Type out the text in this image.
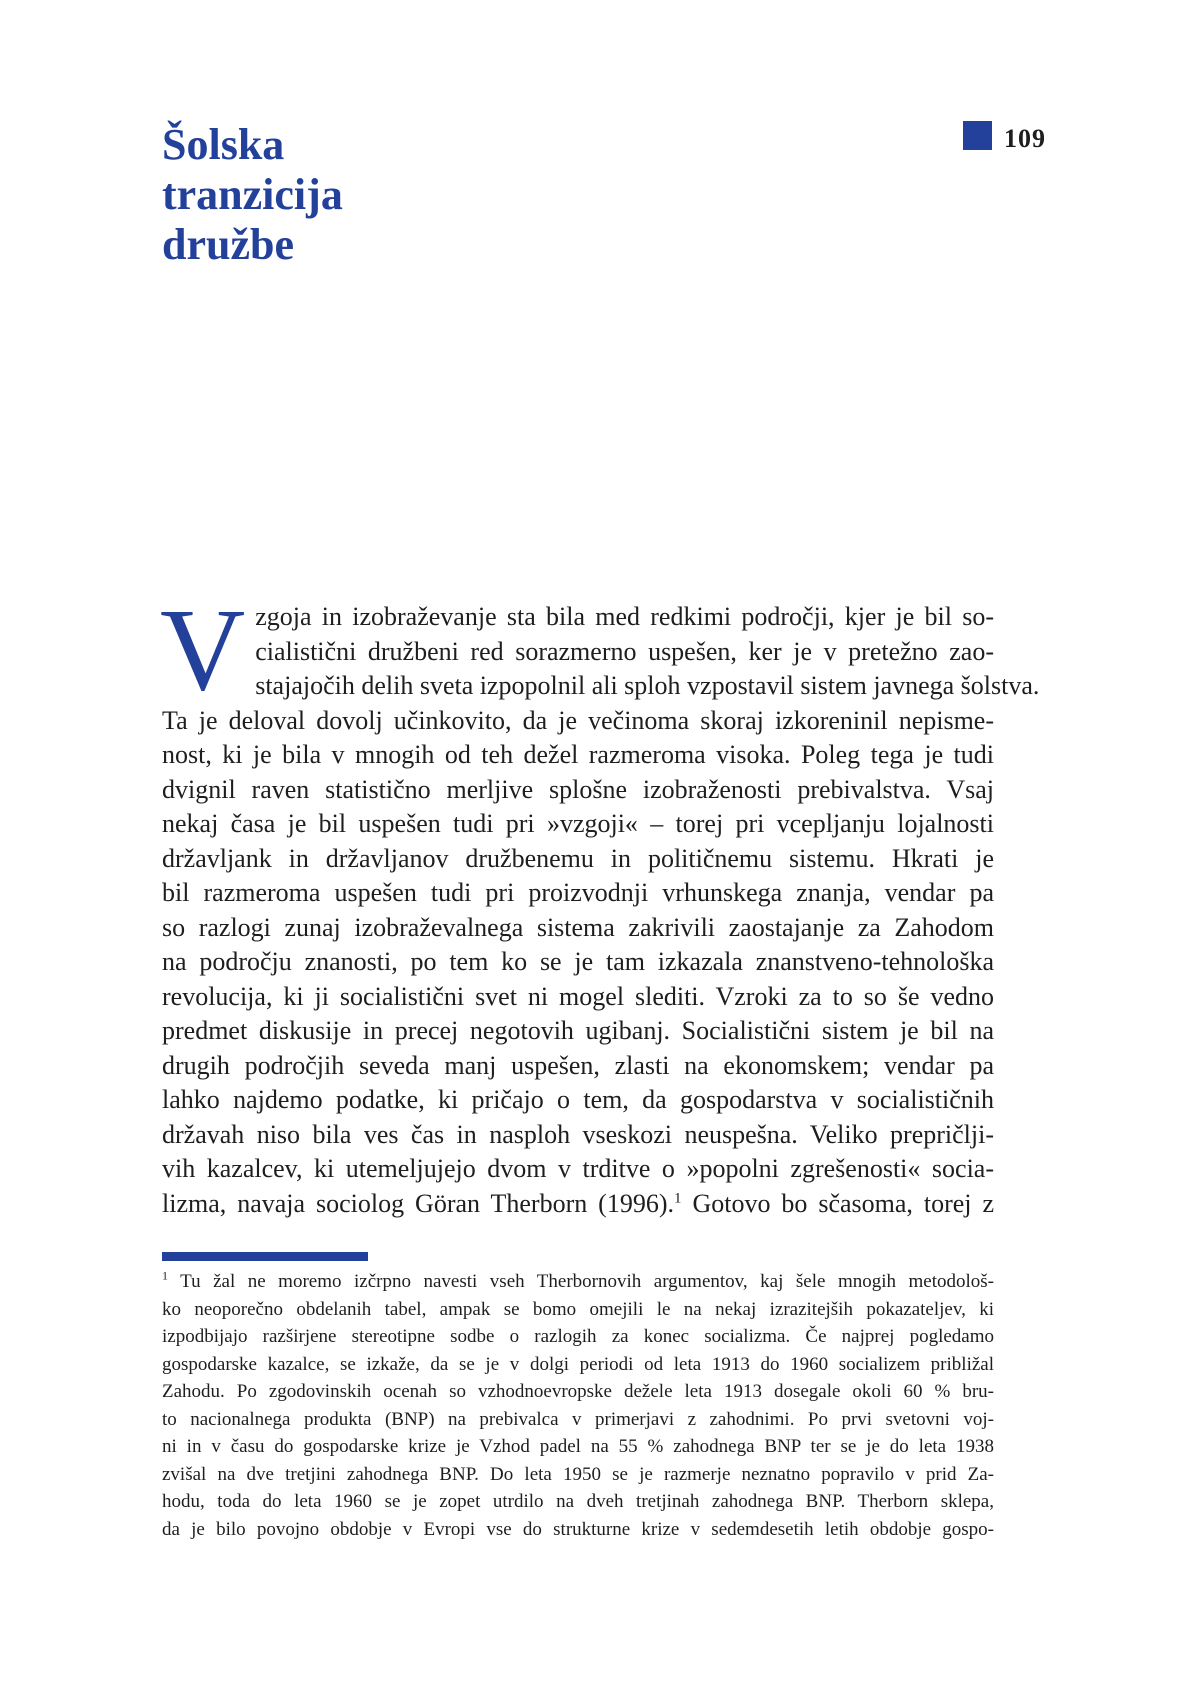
Šolska
tranzicija
družbe
109
V zgoja in izobraževanje sta bila med redkimi področji, kjer je bil so-
cialistični družbeni red sorazmerno uspešen, ker je v pretežno zao-
stajajočih delih sveta izpopolnil ali sploh vzpostavil sistem javnega šolstva.
Ta je deloval dovolj učinkovito, da je večinoma skoraj izkoreninil nepisme-
nost, ki je bila v mnogih od teh dežel razmeroma visoka. Poleg tega je tudi
dvignil raven statistično merljive splošne izobraženosti prebivalstva. Vsaj
nekaj časa je bil uspešen tudi pri »vzgoji« – torej pri vcepljanju lojalnosti
državljank in državljanov družbenemu in političnemu sistemu. Hkrati je
bil razmeroma uspešen tudi pri proizvodnji vrhunskega znanja, vendar pa
so razlogi zunaj izobraževalnega sistema zakrivili zaostajanje za Zahodom
na področju znanosti, po tem ko se je tam izkazala znanstveno-tehnološka
revolucija, ki ji socialistični svet ni mogel slediti. Vzroki za to so še vedno
predmet diskusije in precej negotovih ugibanj. Socialistični sistem je bil na
drugih področjih seveda manj uspešen, zlasti na ekonomskem; vendar pa
lahko najdemo podatke, ki pričajo o tem, da gospodarstva v socialističnih
državah niso bila ves čas in nasploh vseskozi neuspešna. Veliko prepričlji-
vih kazalcev, ki utemeljujejo dvom v trditve o »popolni zgrešenosti« socia-
lizma, navaja sociolog Göran Therborn (1996).$^1$ Gotovo bo sčasoma, torej z
$^1$ Tu žal ne moremo izčrpno navesti vseh Therbornovih argumentov, kaj šele mnogih metodološ-
ko neoporečno obdelanih tabel, ampak se bomo omejili le na nekaj izrazitejših pokazateljev, ki
izpodbijajo razširjene stereotipne sodbe o razlogih za konec socializma. Če najprej pogledamo
gospodarske kazalce, se izkaže, da se je v dolgi periodi od leta 1913 do 1960 socializem približal
Zahodu. Po zgodovinskih ocenah so vzhodnoevropske dežele leta 1913 dosegale okoli 60 % bru-
to nacionalnega produkta (BNP) na prebivalca v primerjavi z zahodnimi. Po prvi svetovni voj-
ni in v času do gospodarske krize je Vzhod padel na 55 % zahodnega BNP ter se je do leta 1938
zvišal na dve tretjini zahodnega BNP. Do leta 1950 se je razmerje neznatno popravilo v prid Za-
hodu, toda do leta 1960 se je zopet utrdilo na dveh tretjinah zahodnega BNP. Therborn sklepa,
da je bilo povojno obdobje v Evropi vse do strukturne krize v sedemdesetih letih obdobje gospo-
